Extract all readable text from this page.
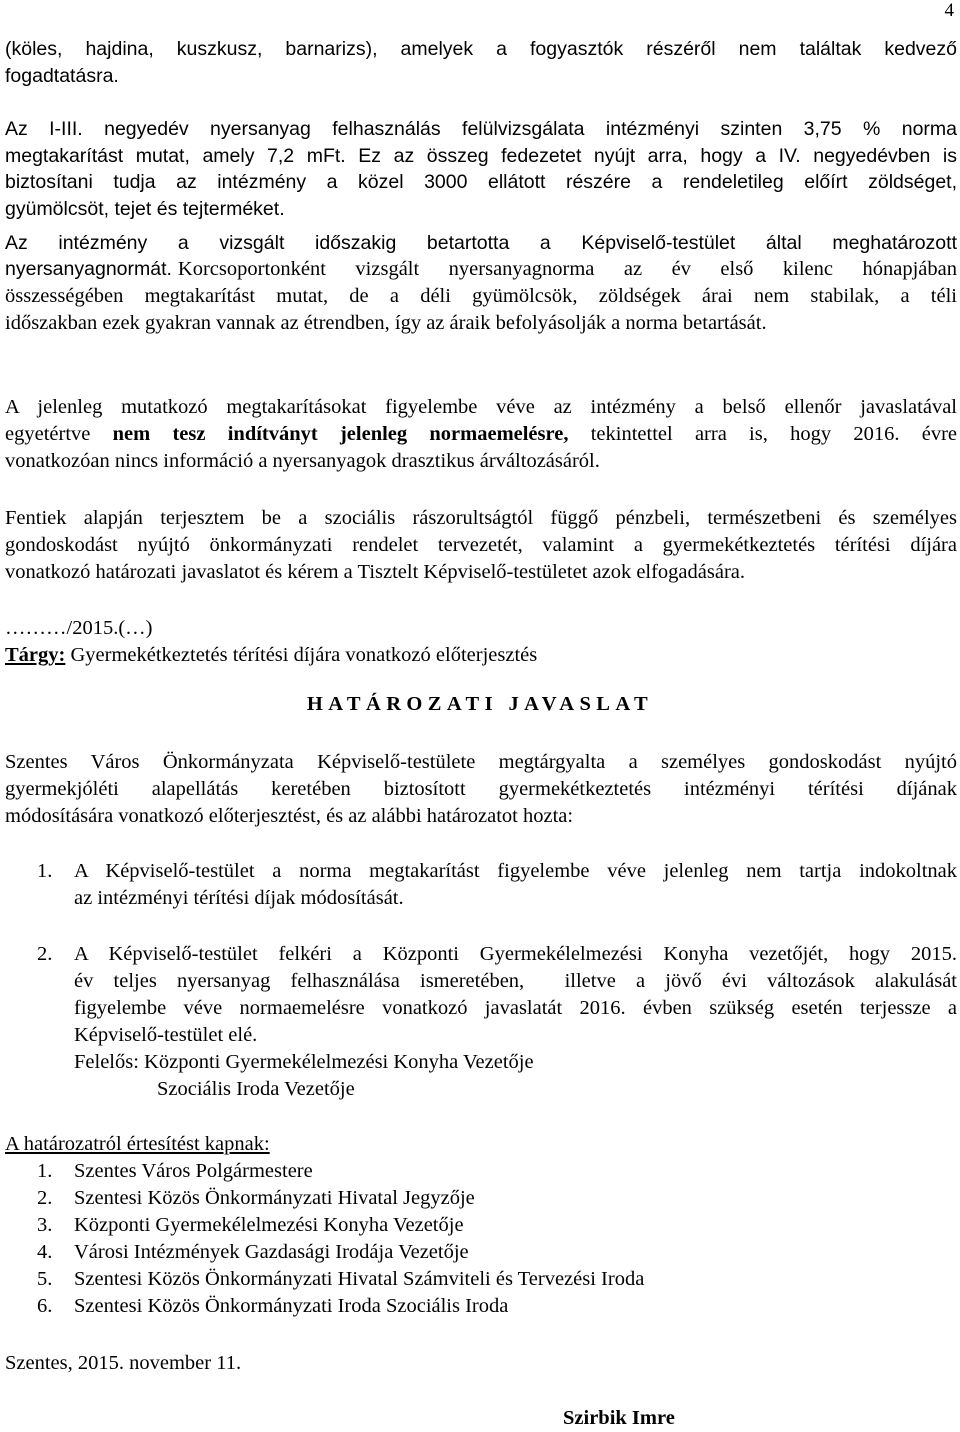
4
(köles, hajdina, kuszkusz, barnarizs), amelyek a fogyasztók részéről nem találtak kedvező
fogadtatásra.
Az I-III. negyedév nyersanyag felhasználás felülvizsgálata intézményi szinten 3,75 % norma
megtakarítást mutat, amely 7,2 mFt. Ez az összeg fedezetet nyújt arra, hogy a IV. negyedévben is
biztosítani tudja az intézmény a közel 3000 ellátott részére a rendeletileg előírt zöldséget,
gyümölcsöt, tejet és tejterméket.
Az intézmény a vizsgált időszakig betartotta a Képviselő-testület által meghatározott
nyersanyagnormát. Korcsoportonként vizsgált nyersanyagnorma az év első kilenc hónapjában
összességében megtakarítást mutat, de a déli gyümölcsök, zöldségek árai nem stabilak, a téli
időszakban ezek gyakran vannak az étrendben, így az áraik befolyásolják a norma betartását.
A jelenleg mutatkozó megtakarításokat figyelembe véve az intézmény a belső ellenőr javaslatával
egyetértve nem tesz indítványt jelenleg normaemelésre, tekintettel arra is, hogy 2016. évre
vonatkozóan nincs információ a nyersanyagok drasztikus árváltozásáról.
Fentiek alapján terjesztem be a szociális rászorultságtól függő pénzbeli, természetbeni és személyes
gondoskodást nyújtó önkormányzati rendelet tervezetét, valamint a gyermekétkeztetés térítési díjára
vonatkozó határozati javaslatot és kérem a Tisztelt Képviselő-testületet azok elfogadására.
………/2015.(…)
Tárgy: Gyermekétkeztetés térítési díjára vonatkozó előterjesztés
HATÁROZATI JAVASLAT
Szentes Város Önkormányzata Képviselő-testülete megtárgyalta a személyes gondoskodást nyújtó
gyermekjóléti alapellátás keretében biztosított gyermekétkeztetés intézményi térítési díjának
módosítására vonatkozó előterjesztést, és az alábbi határozatot hozta:
1. A Képviselő-testület a norma megtakarítást figyelembe véve jelenleg nem tartja indokoltnak
az intézményi térítési díjak módosítását.
2. A Képviselő-testület felkéri a Központi Gyermekélelmezési Konyha vezetőjét, hogy 2015.
év teljes nyersanyag felhasználása ismeretében,  illetve a jövő évi változások alakulását
figyelembe véve normaemelésre vonatkozó javaslatát 2016. évben szükség esetén terjessze a
Képviselő-testület elé.
Felelős: Központi Gyermekélelmezési Konyha Vezetője
Szociális Iroda Vezetője
A határozatról értesítést kapnak:
1. Szentes Város Polgármestere
2. Szentesi Közös Önkormányzati Hivatal Jegyzője
3. Központi Gyermekélelmezési Konyha Vezetője
4. Városi Intézmények Gazdasági Irodája Vezetője
5. Szentesi Közös Önkormányzati Hivatal Számviteli és Tervezési Iroda
6. Szentesi Közös Önkormányzati Iroda Szociális Iroda
Szentes, 2015. november 11.
Szirbik Imre
